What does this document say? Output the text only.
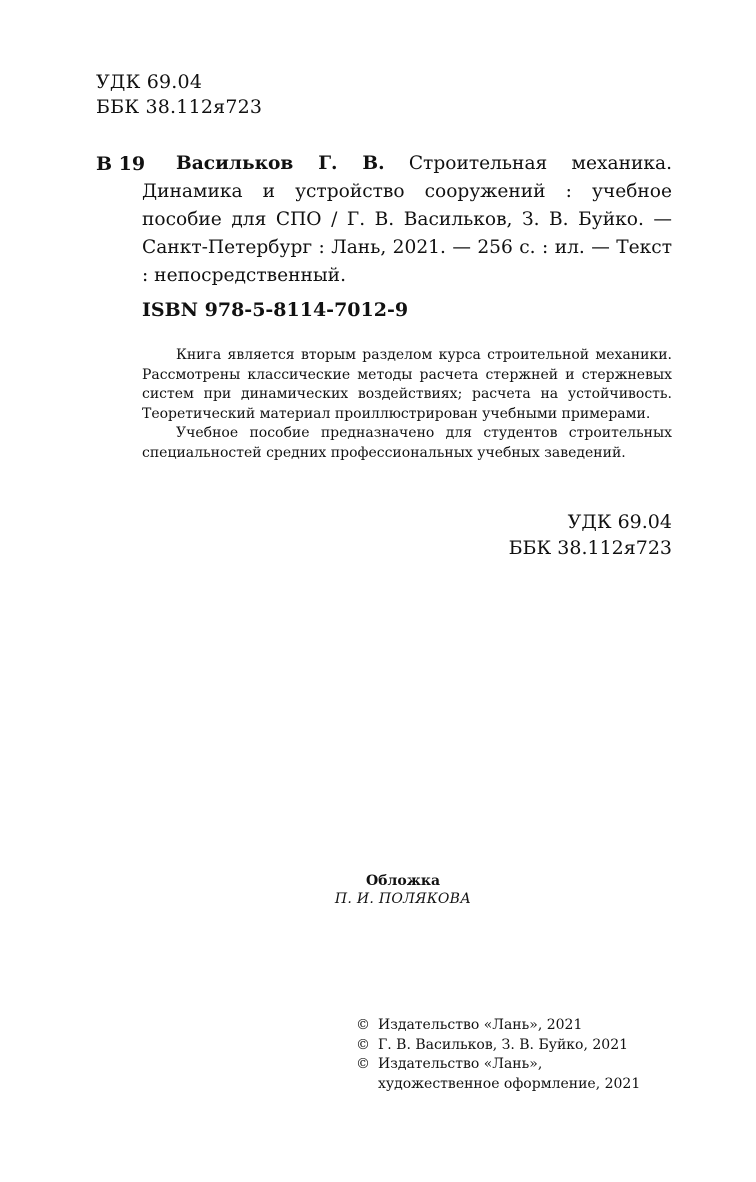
УДК 69.04
ББК 38.112я723
В 19	Васильков Г. В. Строительная механика. Динамика и устройство сооружений : учебное пособие для СПО / Г. В. Васильков, З. В. Буйко. — Санкт-Петербург : Лань, 2021. — 256 с. : ил. — Текст : непосредственный.
ISBN 978-5-8114-7012-9

Книга является вторым разделом курса строительной механики. Рассмотрены классические методы расчета стержней и стержневых систем при динамических воздействиях; расчета на устойчивость. Теоретический материал проиллюстрирован учебными примерами.

Учебное пособие предназначено для студентов строительных специальностей средних профессиональных учебных заведений.

УДК 69.04
ББК 38.112я723
Обложка
П. И. ПОЛЯКОВА
© Издательство «Лань», 2021
© Г. В. Васильков, З. В. Буйко, 2021
© Издательство «Лань»,
художественное оформление, 2021
